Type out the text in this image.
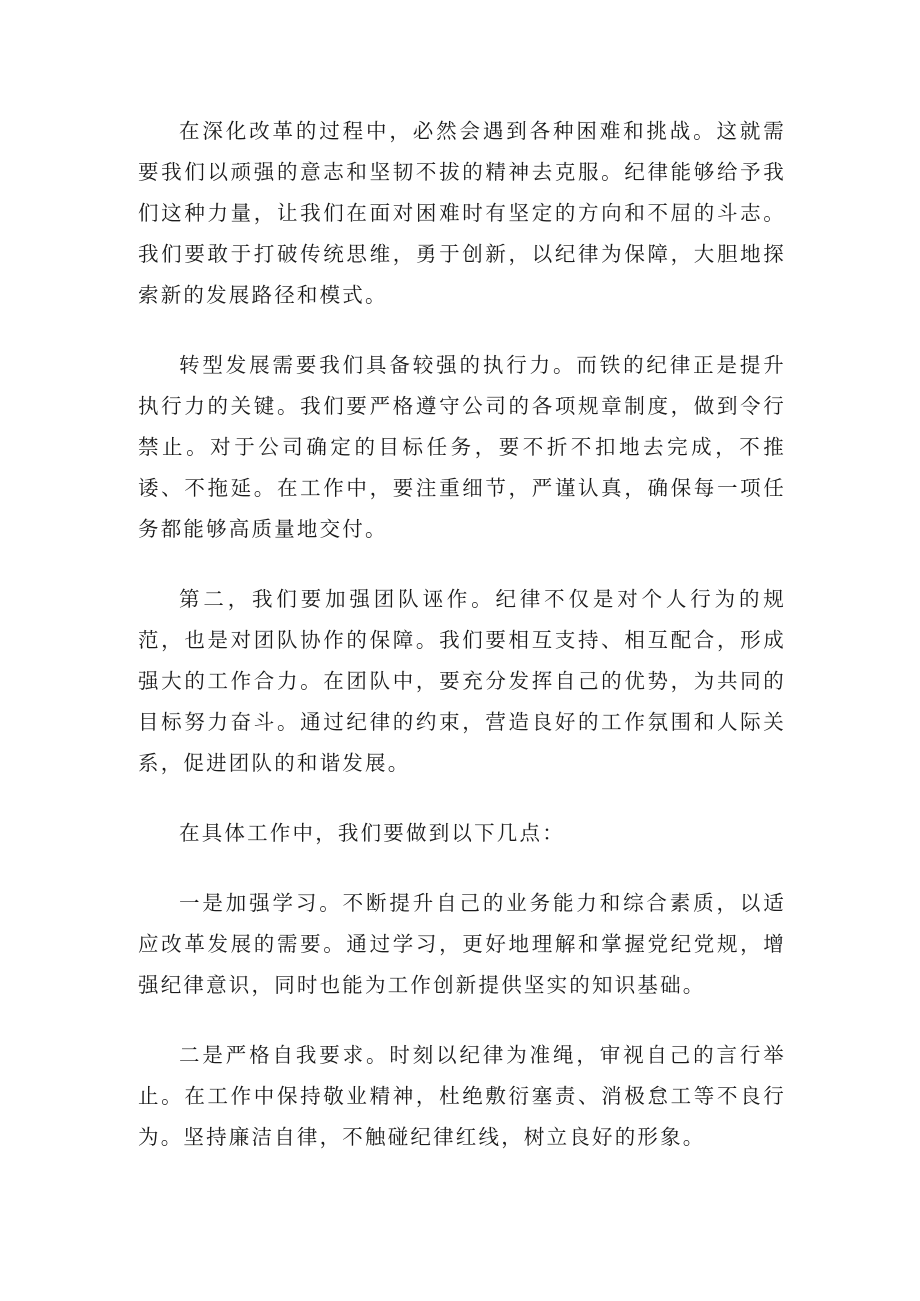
在深化改革的过程中，必然会遇到各种困难和挑战。这就需要我们以顽强的意志和坚韧不拔的精神去克服。纪律能够给予我们这种力量，让我们在面对困难时有坚定的方向和不屈的斗志。我们要敢于打破传统思维，勇于创新，以纪律为保障，大胆地探索新的发展路径和模式。

转型发展需要我们具备较强的执行力。而铁的纪律正是提升执行力的关键。我们要严格遵守公司的各项规章制度，做到令行禁止。对于公司确定的目标任务，要不折不扣地去完成，不推诿、不拖延。在工作中，要注重细节，严谨认真，确保每一项任务都能够高质量地交付。

第二，我们要加强团队诬作。纪律不仅是对个人行为的规范，也是对团队协作的保障。我们要相互支持、相互配合，形成强大的工作合力。在团队中，要充分发挥自己的优势，为共同的目标努力奋斗。通过纪律的约束，营造良好的工作氛围和人际关系，促进团队的和谐发展。

在具体工作中，我们要做到以下几点：

一是加强学习。不断提升自己的业务能力和综合素质，以适应改革发展的需要。通过学习，更好地理解和掌握党纪党规，增强纪律意识，同时也能为工作创新提供坚实的知识基础。

二是严格自我要求。时刻以纪律为准绳，审视自己的言行举止。在工作中保持敬业精神，杜绝敷衍塞责、消极怠工等不良行为。坚持廉洁自律，不触碰纪律红线，树立良好的形象。
